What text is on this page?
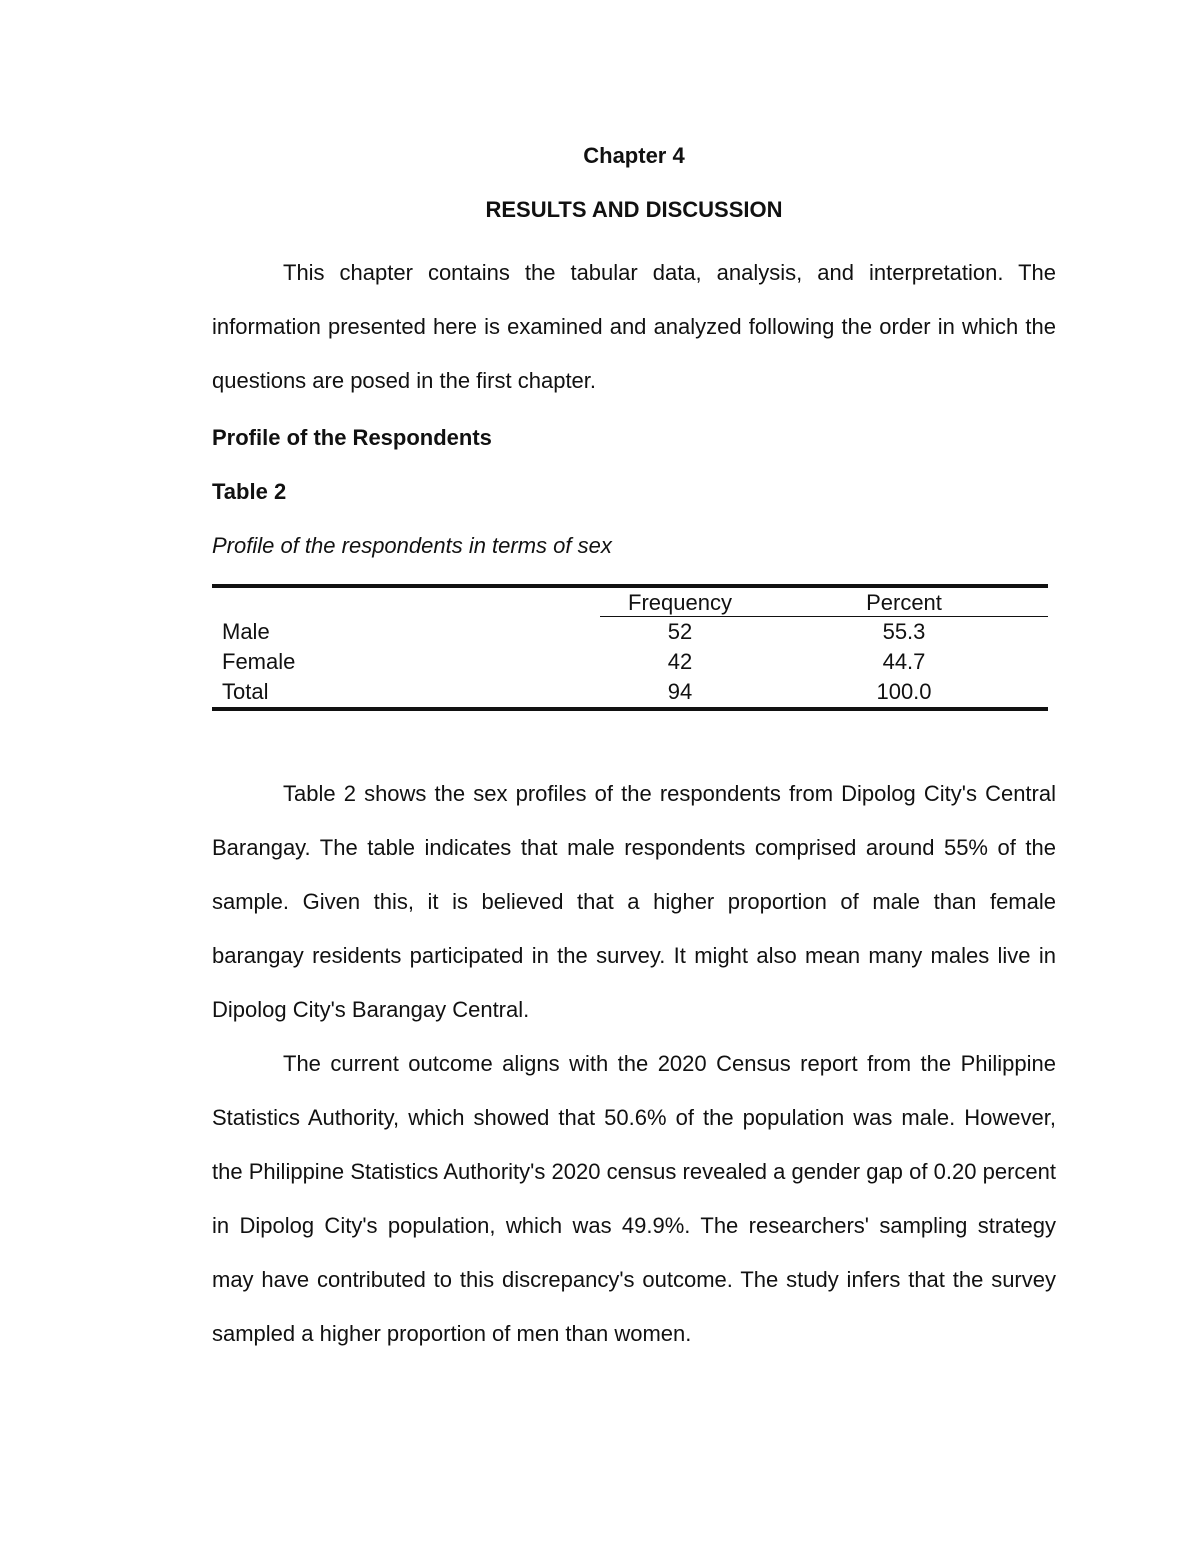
Chapter 4
RESULTS AND DISCUSSION

This chapter contains the tabular data, analysis, and interpretation. The information presented here is examined and analyzed following the order in which the questions are posed in the first chapter.

Profile of the Respondents
Table 2
Profile of the respondents in terms of sex
	Frequency	Percent
Male	52	55.3
Female	42	44.7
Total	94	100.0

Table 2 shows the sex profiles of the respondents from Dipolog City's Central Barangay. The table indicates that male respondents comprised around 55% of the sample. Given this, it is believed that a higher proportion of male than female barangay residents participated in the survey. It might also mean many males live in Dipolog City's Barangay Central.

The current outcome aligns with the 2020 Census report from the Philippine Statistics Authority, which showed that 50.6% of the population was male. However, the Philippine Statistics Authority's 2020 census revealed a gender gap of 0.20 percent in Dipolog City's population, which was 49.9%. The researchers' sampling strategy may have contributed to this discrepancy's outcome. The study infers that the survey sampled a higher proportion of men than women.
